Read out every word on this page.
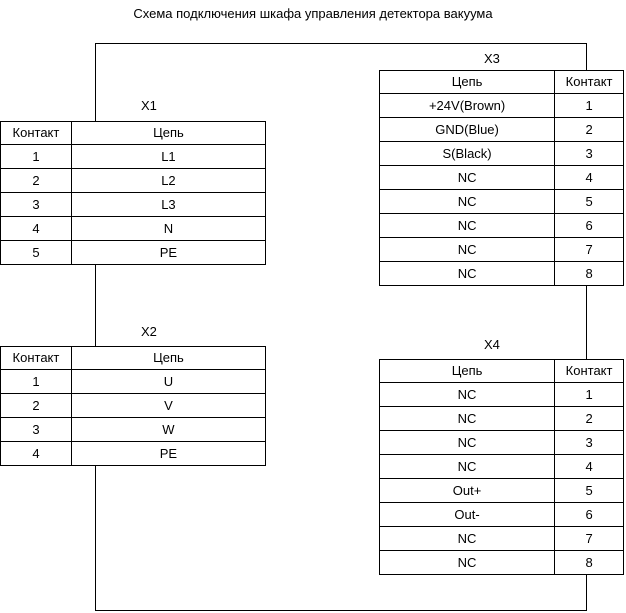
Схема подключения шкафа управления детектора вакуума
X1
Контакт	Цепь
1	L1
2	L2
3	L3
4	N
5	PE
X2
Контакт	Цепь
1	U
2	V
3	W
4	PE
X3
Цепь	Контакт
+24V(Brown)	1
GND(Blue)	2
S(Black)	3
NC	4
NC	5
NC	6
NC	7
NC	8
X4
Цепь	Контакт
NC	1
NC	2
NC	3
NC	4
Out+	5
Out-	6
NC	7
NC	8
